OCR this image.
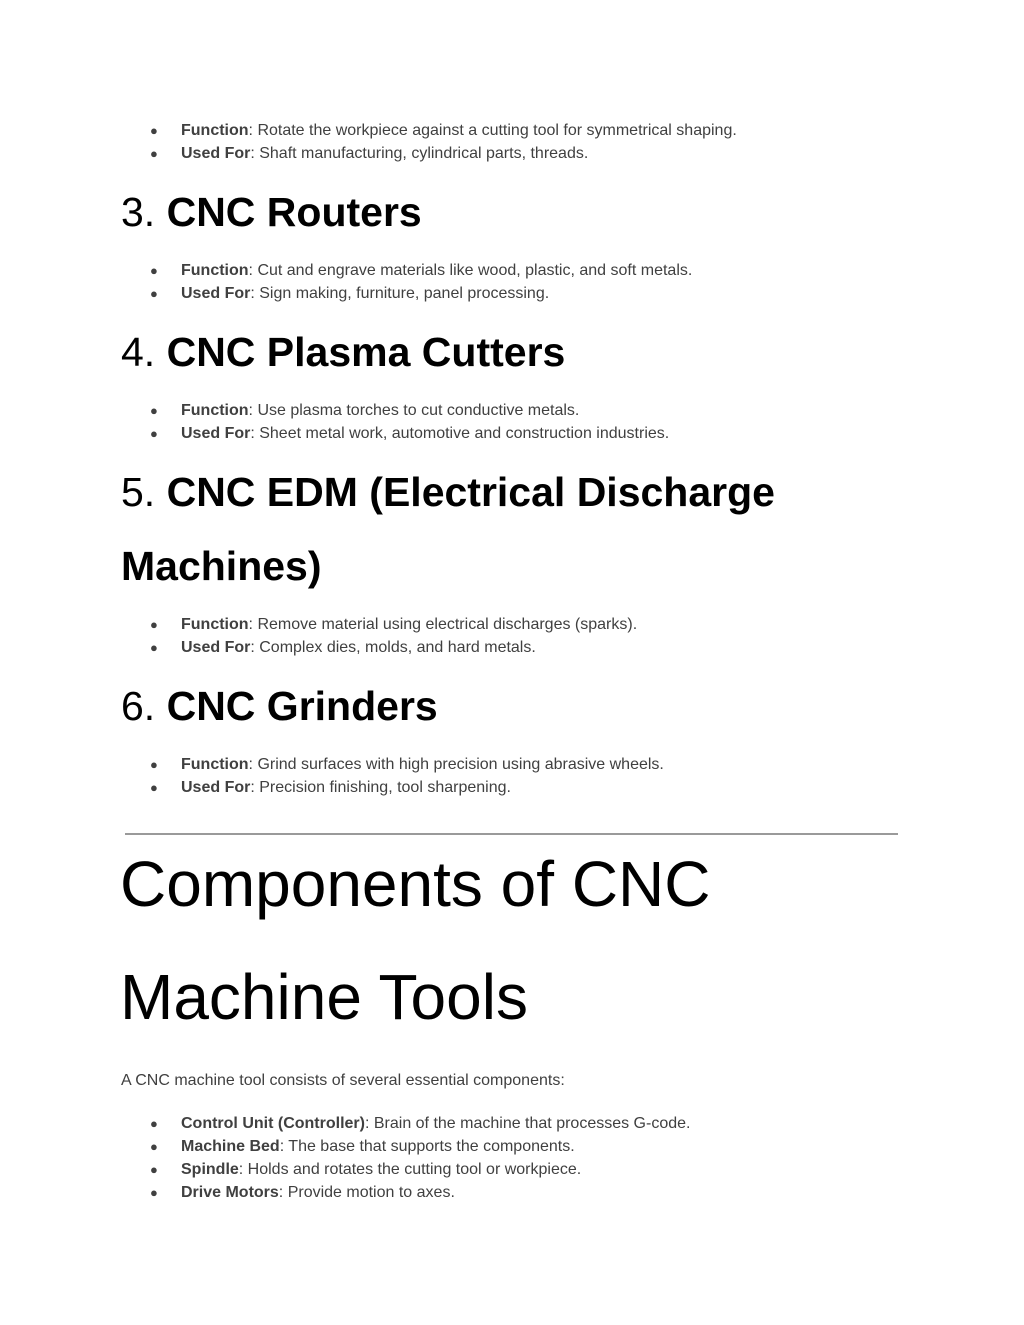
● Function: Rotate the workpiece against a cutting tool for symmetrical shaping.
● Used For: Shaft manufacturing, cylindrical parts, threads.
3. CNC Routers
● Function: Cut and engrave materials like wood, plastic, and soft metals.
● Used For: Sign making, furniture, panel processing.
4. CNC Plasma Cutters
● Function: Use plasma torches to cut conductive metals.
● Used For: Sheet metal work, automotive and construction industries.
5. CNC EDM (Electrical Discharge Machines)
● Function: Remove material using electrical discharges (sparks).
● Used For: Complex dies, molds, and hard metals.
6. CNC Grinders
● Function: Grind surfaces with high precision using abrasive wheels.
● Used For: Precision finishing, tool sharpening.
Components of CNC Machine Tools

A CNC machine tool consists of several essential components:

● Control Unit (Controller): Brain of the machine that processes G-code.
● Machine Bed: The base that supports the components.
● Spindle: Holds and rotates the cutting tool or workpiece.
● Drive Motors: Provide motion to axes.
